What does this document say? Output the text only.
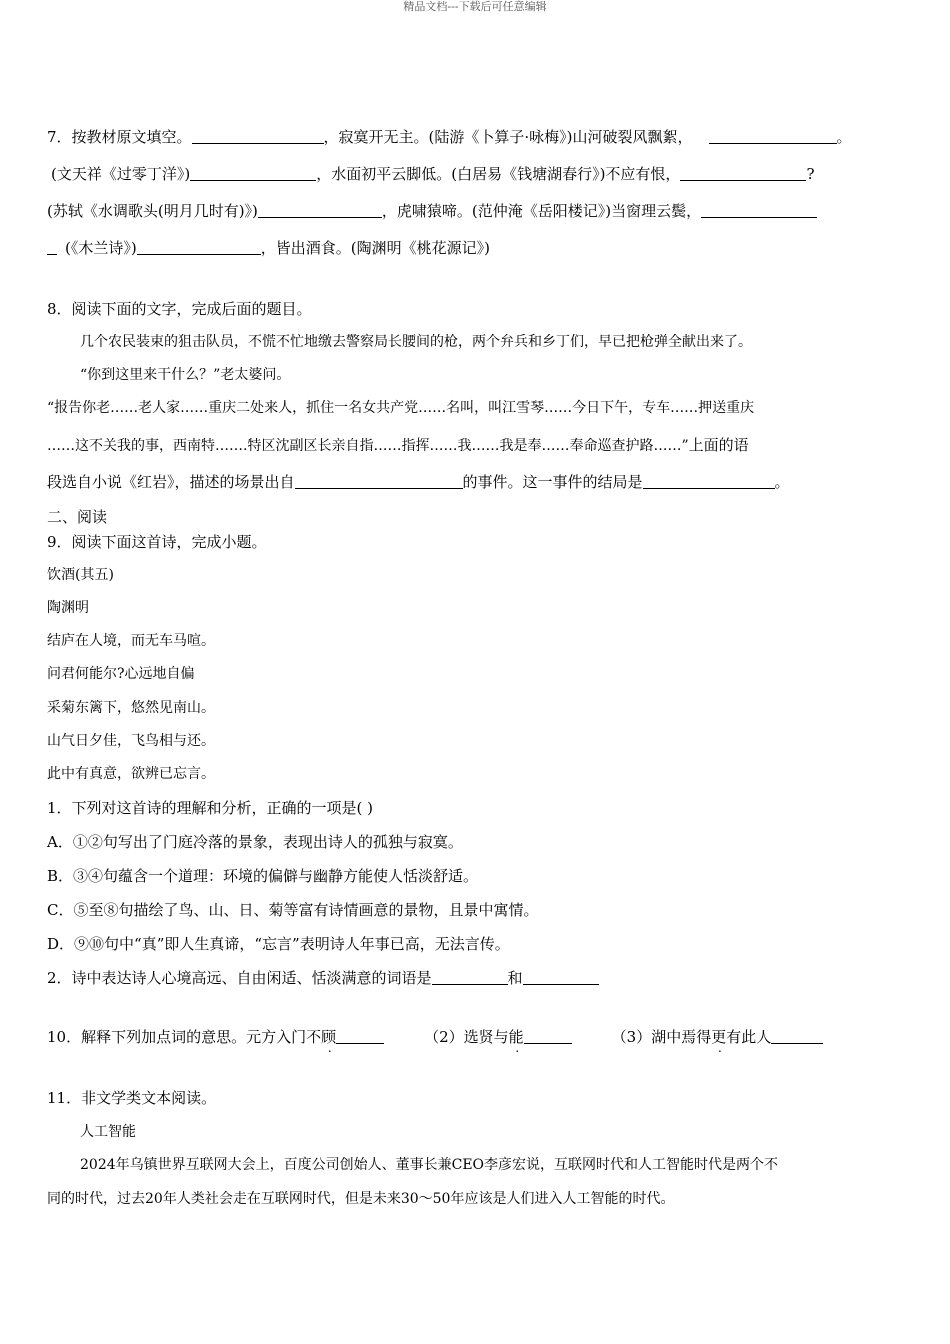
精品文档---下载后可任意编辑
7．按教材原文填空。	，寂寞开无主。(陆游《卜算子·咏梅》)山河破裂风飘絮，	。
(文天祥《过零丁洋》)	，水面初平云脚低。(白居易《钱塘湖春行》)不应有恨，	?
(苏轼《水调歌头(明月几时有)》)	，虎啸猿啼。(范仲淹《岳阳楼记》)当窗理云鬓，
(《木兰诗》)	，皆出酒食。(陶渊明《桃花源记》)
8．阅读下面的文字，完成后面的题目。
几个农民装束的狙击队员，不慌不忙地缴去警察局长腰间的枪，两个弁兵和乡丁们，早已把枪弹全献出来了。
“你到这里来干什么？”老太婆问。
“报告你老……老人家……重庆二处来人，抓住一名女共产党……名叫，叫江雪琴……今日下午，专车……押送重庆
……这不关我的事，西南特…….特区沈副区长亲自指……指挥……我……我是奉……奉命巡查护路……”上面的语
段选自小说《红岩》，描述的场景出自	的事件。这一事件的结局是	。
二、阅读
9．阅读下面这首诗，完成小题。
饮酒(其五)
陶渊明
结庐在人境，而无车马喧。
问君何能尔?心远地自偏
采菊东篱下，悠然见南山。
山气日夕佳，飞鸟相与还。
此中有真意，欲辨已忘言。
1．下列对这首诗的理解和分析，正确的一项是( )
A．①②句写出了门庭冷落的景象，表现出诗人的孤独与寂寞。
B．③④句蕴含一个道理：环境的偏僻与幽静方能使人恬淡舒适。
C．⑤至⑧句描绘了鸟、山、日、菊等富有诗情画意的景物，且景中寓情。
D．⑨⑩句中“真”即人生真谛，“忘言”表明诗人年事已高，无法言传。
2．诗中表达诗人心境高远、自由闲适、恬淡满意的词语是	和
10．解释下列加点词的意思。元方入门不顾	（2）选贤与能	（3）湖中焉得更有此人
11．非文学类文本阅读。
人工智能
2024年乌镇世界互联网大会上，百度公司创始人、董事长兼CEO李彦宏说，互联网时代和人工智能时代是两个不
同的时代，过去20年人类社会走在互联网时代，但是未来30～50年应该是人们进入人工智能的时代。
